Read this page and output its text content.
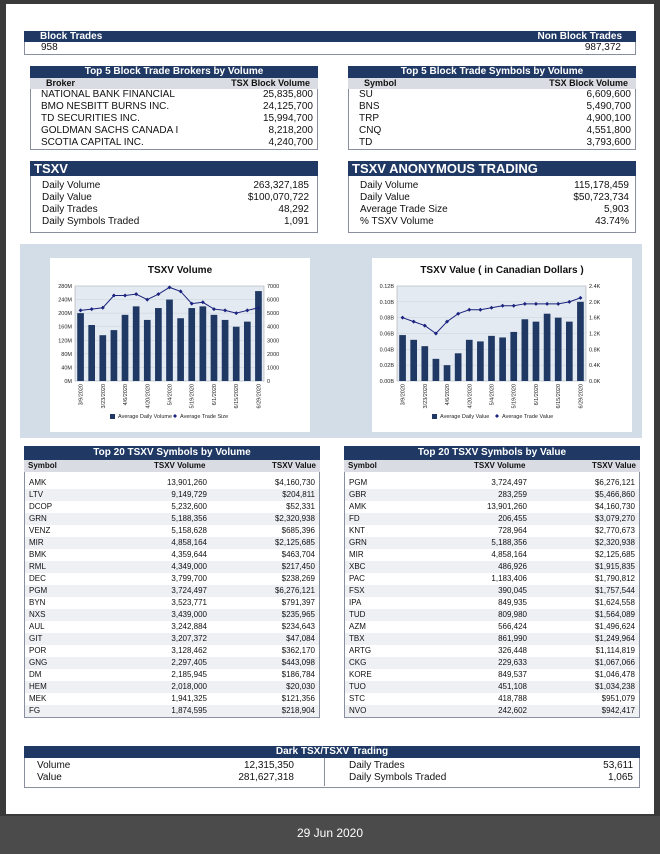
Block Trades	Non Block Trades
958	987,372
Top 5 Block Trade Brokers by Volume
Broker	TSX Block Volume
NATIONAL BANK FINANCIAL	25,835,800
BMO NESBITT BURNS INC.	24,125,700
TD SECURITIES INC.	15,994,700
GOLDMAN SACHS CANADA I	8,218,200
SCOTIA CAPITAL INC.	4,240,700
Top 5 Block Trade Symbols by Volume
Symbol	TSX Block Volume
SU	6,609,600
BNS	5,490,700
TRP	4,900,100
CNQ	4,551,800
TD	3,793,600
TSXV
Daily Volume	263,327,185
Daily Value	$100,070,722
Daily Trades	48,292
Daily Symbols Traded	1,091
TSXV ANONYMOUS TRADING
Daily Volume	115,178,459
Daily Value	$50,723,734
Average Trade Size	5,903
% TSXV Volume	43.74%
TSXV Volume
0M
40M
80M
120M
160M
200M
240M
280M
0
1000
2000
3000
4000
5000
6000
7000
3/9/2020	3/23/2020	4/6/2020	4/20/2020	5/4/2020	5/19/2020	6/1/2020	6/15/2020	6/29/2020
Average Daily Volume Average Trade Size
TSXV Value ( in Canadian Dollars )
0.00B
0.02B
0.04B
0.06B
0.08B
0.10B
0.12B
0.0K
0.4K
0.8K
1.2K
1.6K
2.0K
2.4K
3/9/2020	3/23/2020	4/6/2020	4/20/2020	5/4/2020	5/19/2020	6/1/2020	6/15/2020	6/29/2020
Average Daily Value Average Trade Value
Top 20 TSXV Symbols by Volume
Symbol	TSXV Volume	TSXV Value
AMK	13,901,260	$4,160,730
LTV	9,149,729	$204,811
DCOP	5,232,600	$52,331
GRN	5,188,356	$2,320,938
VENZ	5,158,628	$685,396
MIR	4,858,164	$2,125,685
BMK	4,359,644	$463,704
RML	4,349,000	$217,450
DEC	3,799,700	$238,269
PGM	3,724,497	$6,276,121
BYN	3,523,771	$791,397
NXS	3,439,000	$235,965
AUL	3,242,884	$234,643
GIT	3,207,372	$47,084
POR	3,128,462	$362,170
GNG	2,297,405	$443,098
DM	2,185,945	$186,784
HEM	2,018,000	$20,030
MEK	1,941,325	$121,356
FG	1,874,595	$218,904
Top 20 TSXV Symbols by Value
Symbol	TSXV Volume	TSXV Value
PGM	3,724,497	$6,276,121
GBR	283,259	$5,466,860
AMK	13,901,260	$4,160,730
FD	206,455	$3,079,270
KNT	728,964	$2,770,673
GRN	5,188,356	$2,320,938
MIR	4,858,164	$2,125,685
XBC	486,926	$1,915,835
PAC	1,183,406	$1,790,812
FSX	390,045	$1,757,544
IPA	849,935	$1,624,558
TUD	809,980	$1,564,089
AZM	566,424	$1,496,624
TBX	861,990	$1,249,964
ARTG	326,448	$1,114,819
CKG	229,633	$1,067,066
KORE	849,537	$1,046,478
TUO	451,108	$1,034,238
STC	418,788	$951,079
NVO	242,602	$942,417
Dark TSX/TSXV Trading
Volume	12,315,350
Value	281,627,318
Daily Trades	53,611
Daily Symbols Traded	1,065
29 Jun 2020
